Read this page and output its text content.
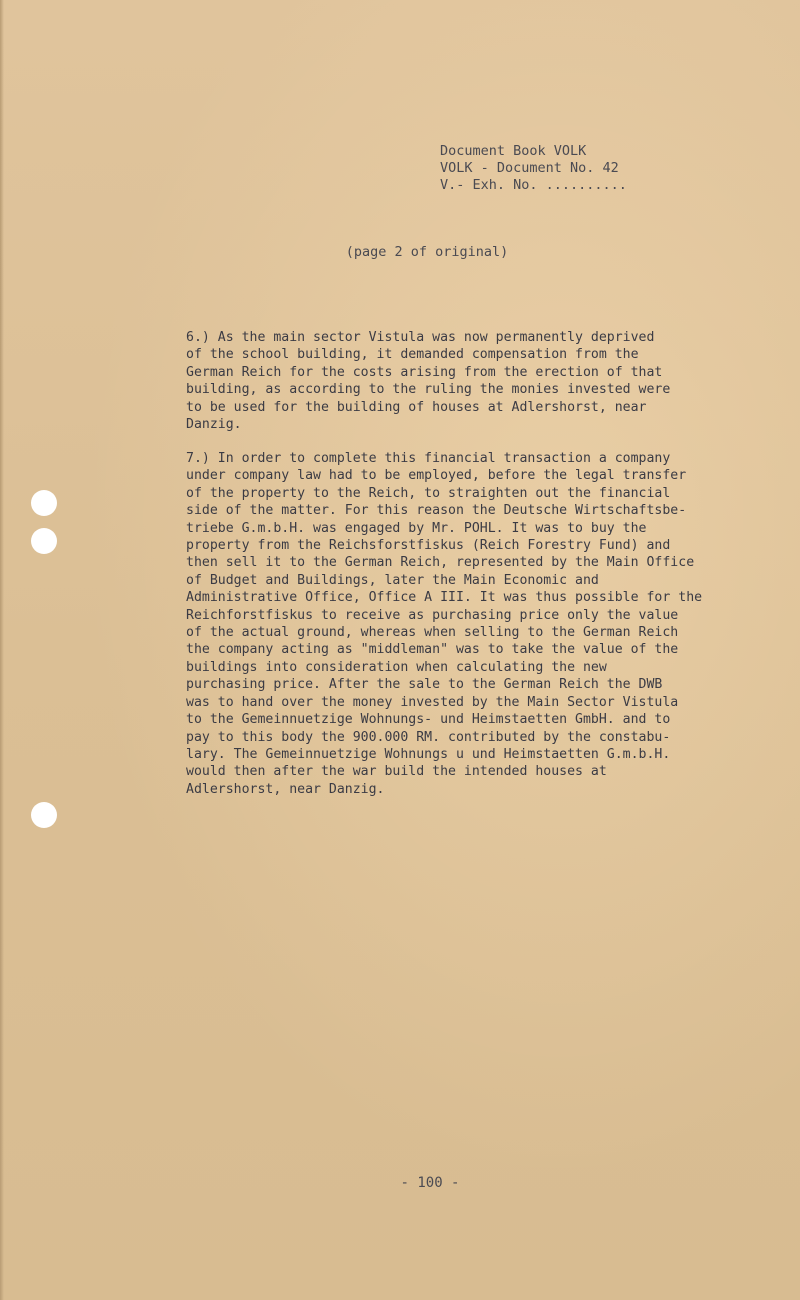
Document Book VOLK
VOLK - Document No. 42
V.- Exh. No. ..........
(page 2 of original)
6.) As the main sector Vistula was now permanently deprived
of the school building, it demanded compensation from the
German Reich for the costs arising from the erection of that
building, as according to the ruling the monies invested were
to be used for the building of houses at Adlershorst, near
Danzig.
7.) In order to complete this financial transaction a company
under company law had to be employed, before the legal transfer
of the property to the Reich, to straighten out the financial
side of the matter. For this reason the Deutsche Wirtschaftsbe-
triebe G.m.b.H. was engaged by Mr. POHL. It was to buy the
property from the Reichsforstfiskus (Reich Forestry Fund) and
then sell it to the German Reich, represented by the Main Office
of Budget and Buildings, later the Main Economic and
Administrative Office, Office A III. It was thus possible for the
Reichforstfiskus to receive as purchasing price only the value
of the actual ground, whereas when selling to the German Reich
the company acting as "middleman" was to take the value of the
buildings into consideration when calculating the new
purchasing price. After the sale to the German Reich the DWB
was to hand over the money invested by the Main Sector Vistula
to the Gemeinnuetzige Wohnungs- und Heimstaetten GmbH. and to
pay to this body the 900.000 RM. contributed by the constabu-
lary. The Gemeinnuetzige Wohnungs u und Heimstaetten G.m.b.H.
would then after the war build the intended houses at
Adlershorst, near Danzig.
- 100 -
